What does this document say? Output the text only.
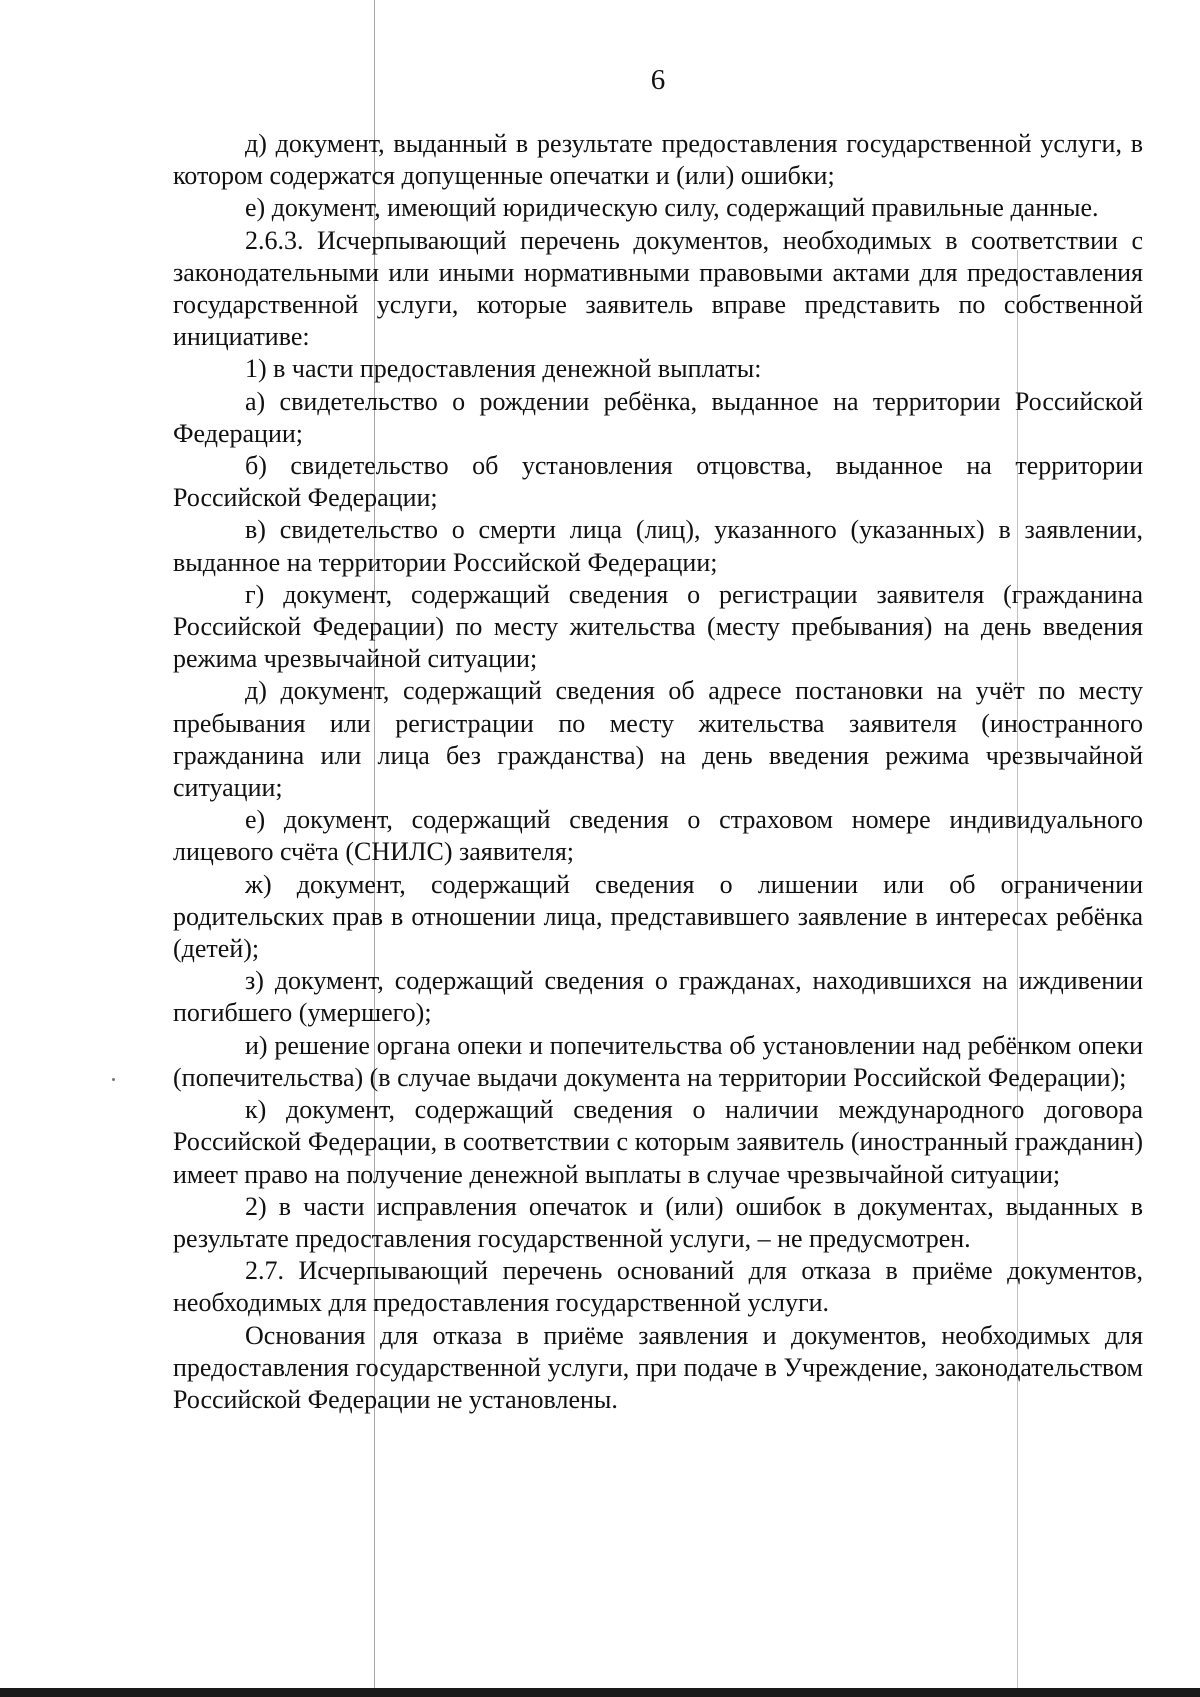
6

д) документ, выданный в результате предоставления государственной услуги, в котором содержатся допущенные опечатки и (или) ошибки;

е) документ, имеющий юридическую силу, содержащий правильные данные.

2.6.3. Исчерпывающий перечень документов, необходимых в соответствии с законодательными или иными нормативными правовыми актами для предоставления государственной услуги, которые заявитель вправе представить по собственной инициативе:

1) в части предоставления денежной выплаты:

а) свидетельство о рождении ребёнка, выданное на территории Российской Федерации;

б) свидетельство об установления отцовства, выданное на территории Российской Федерации;

в) свидетельство о смерти лица (лиц), указанного (указанных) в заявлении, выданное на территории Российской Федерации;

г) документ, содержащий сведения о регистрации заявителя (гражданина Российской Федерации) по месту жительства (месту пребывания) на день введения режима чрезвычайной ситуации;

д) документ, содержащий сведения об адресе постановки на учёт по месту пребывания или регистрации по месту жительства заявителя (иностранного гражданина или лица без гражданства) на день введения режима чрезвычайной ситуации;

е) документ, содержащий сведения о страховом номере индивидуального лицевого счёта (СНИЛС) заявителя;

ж) документ, содержащий сведения о лишении или об ограничении родительских прав в отношении лица, представившего заявление в интересах ребёнка (детей);

з) документ, содержащий сведения о гражданах, находившихся на иждивении погибшего (умершего);

и) решение органа опеки и попечительства об установлении над ребёнком опеки (попечительства) (в случае выдачи документа на территории Российской Федерации);

к) документ, содержащий сведения о наличии международного договора Российской Федерации, в соответствии с которым заявитель (иностранный гражданин) имеет право на получение денежной выплаты в случае чрезвычайной ситуации;

2) в части исправления опечаток и (или) ошибок в документах, выданных в результате предоставления государственной услуги, – не предусмотрен.

2.7. Исчерпывающий перечень оснований для отказа в приёме документов, необходимых для предоставления государственной услуги.

Основания для отказа в приёме заявления и документов, необходимых для предоставления государственной услуги, при подаче в Учреждение, законодательством Российской Федерации не установлены.
